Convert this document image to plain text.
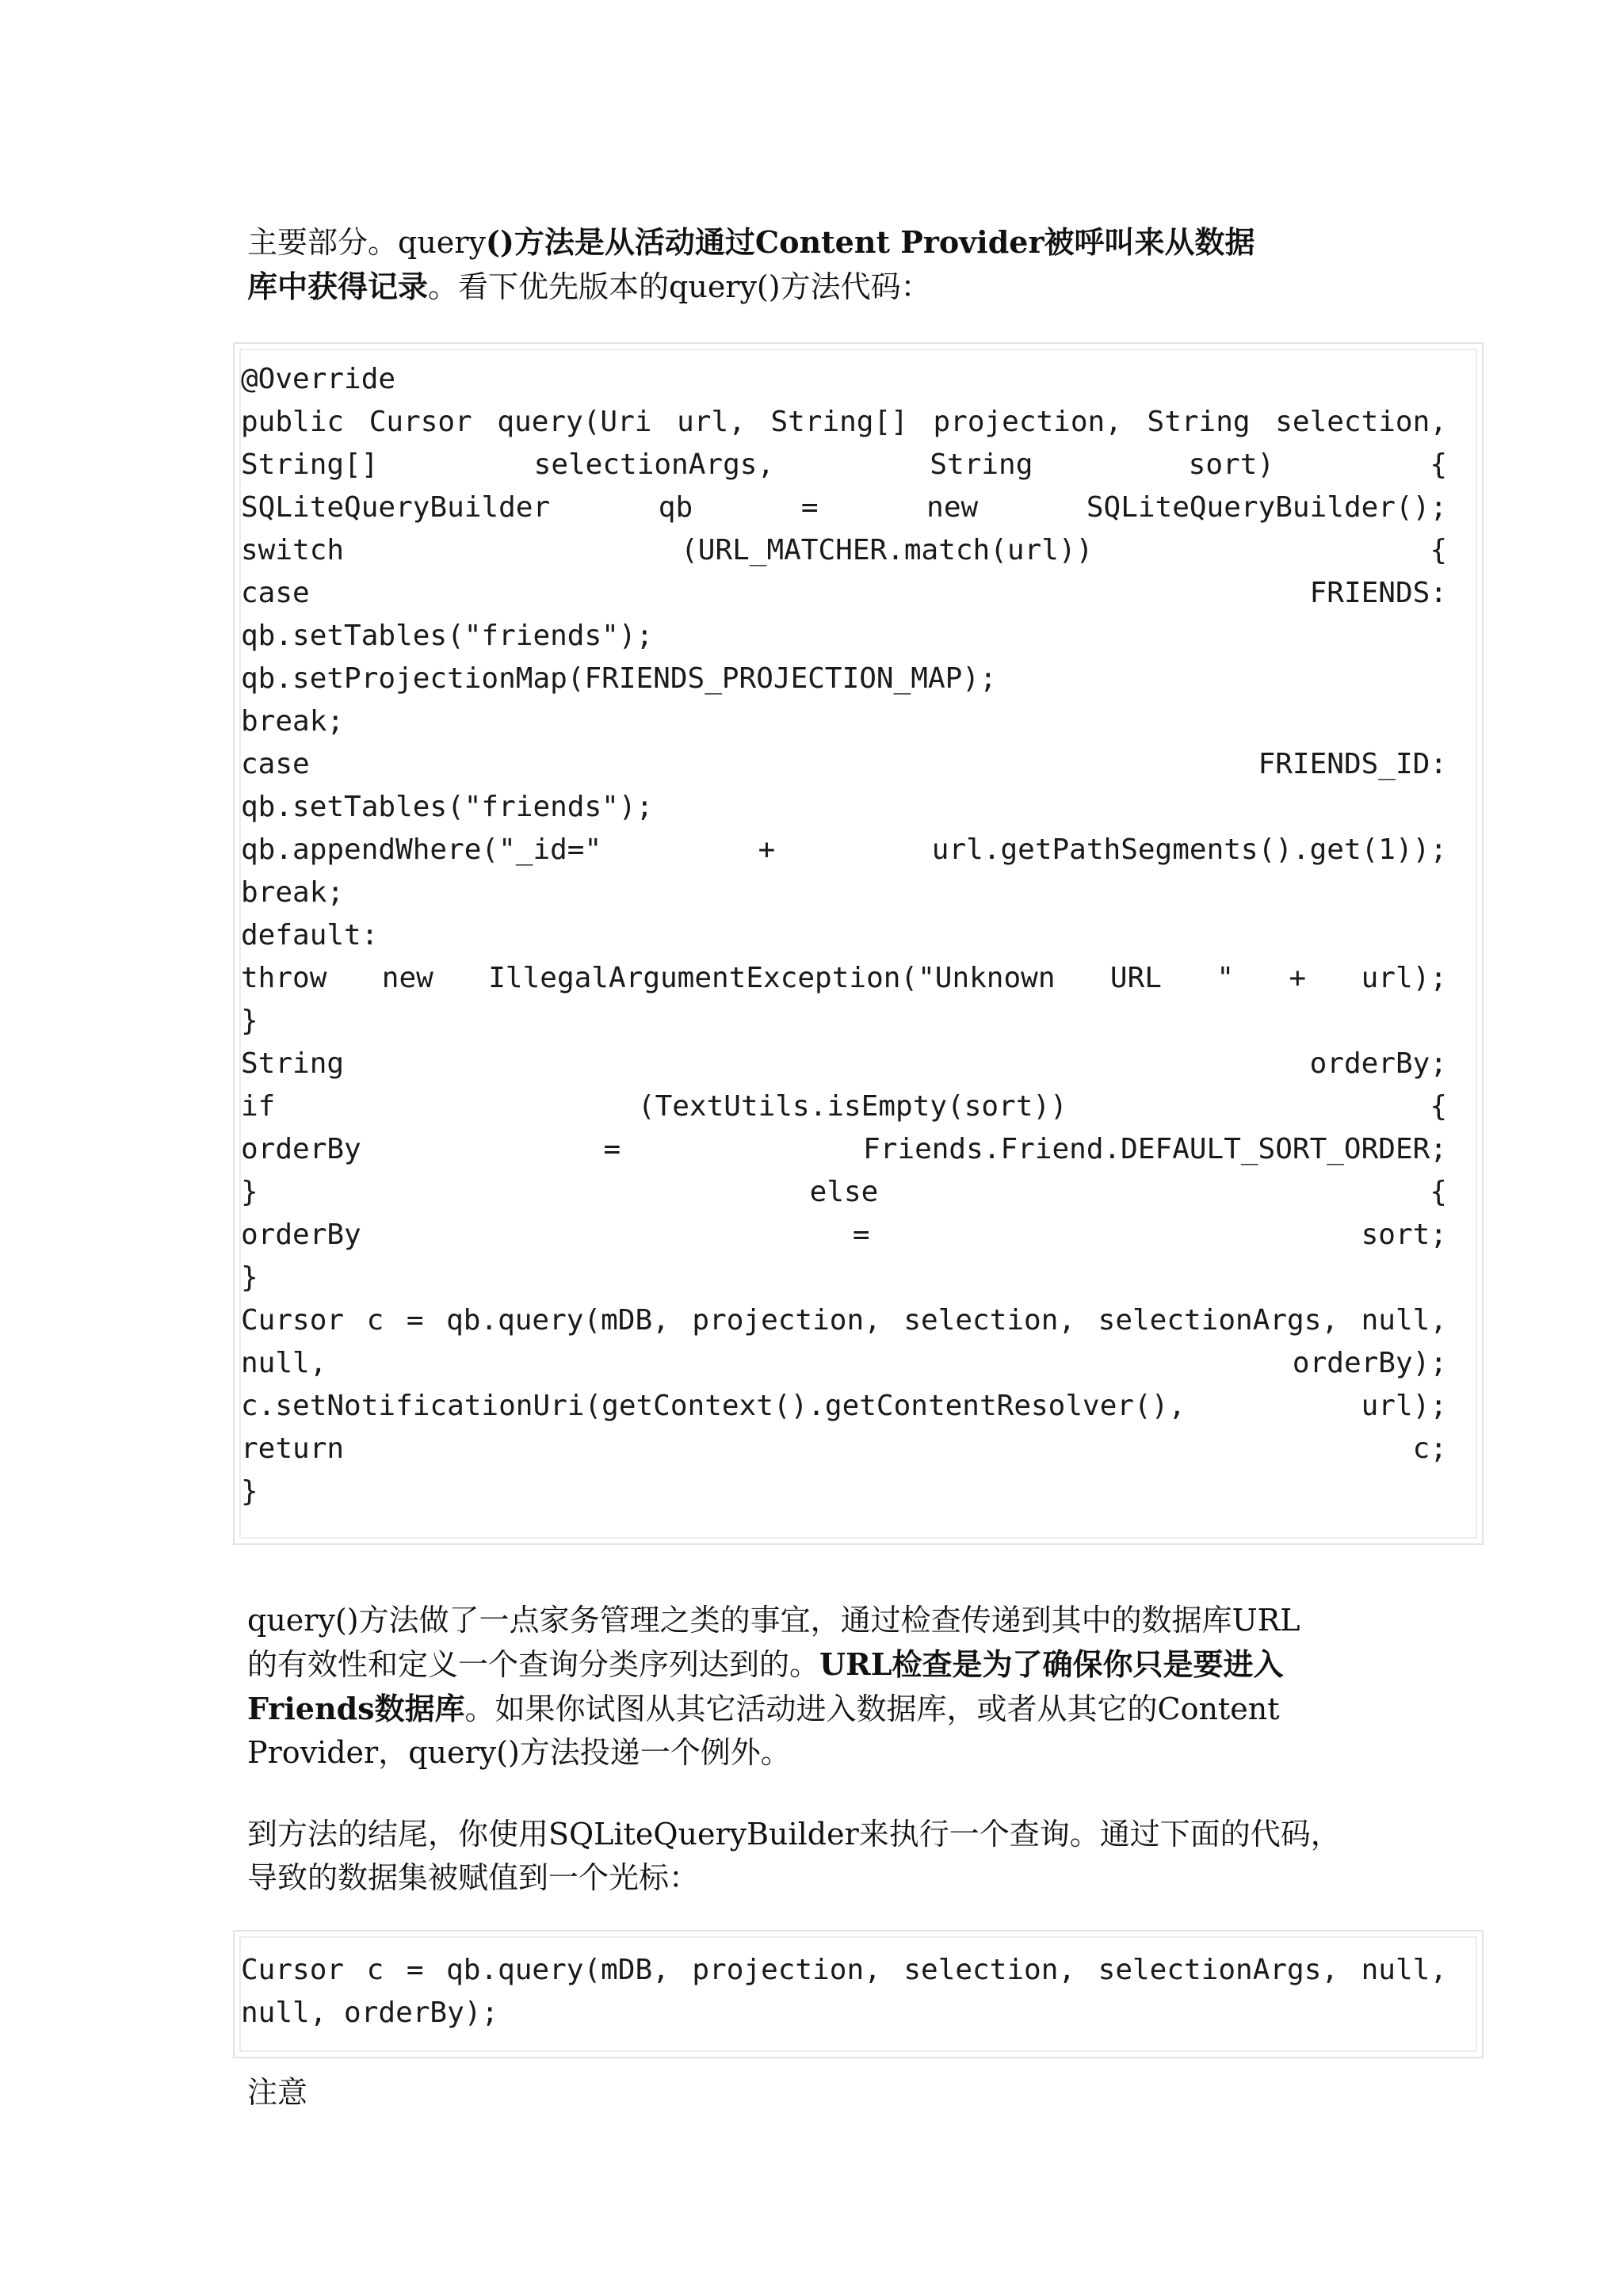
主要部分。query()方法是从活动通过Content Provider被呼叫来从数据
库中获得记录。看下优先版本的query()方法代码：

@Override
public Cursor query(Uri url, String[] projection, String selection,
String[]	selectionArgs,	String	sort)	{
SQLiteQueryBuilder	qb	=	new	SQLiteQueryBuilder();
switch	(URL_MATCHER.match(url))	{
case	FRIENDS:
qb.setTables("friends");
qb.setProjectionMap(FRIENDS_PROJECTION_MAP);
break;
case	FRIENDS_ID:
qb.setTables("friends");
qb.appendWhere("_id="	+	url.getPathSegments().get(1));
break;
default:
throw new IllegalArgumentException("Unknown URL " + url);
}
String	orderBy;
if	(TextUtils.isEmpty(sort))	{
orderBy	=	Friends.Friend.DEFAULT_SORT_ORDER;
}	else	{
orderBy	=	sort;
}
Cursor c = qb.query(mDB, projection, selection, selectionArgs, null,
null,	orderBy);
c.setNotificationUri(getContext().getContentResolver(),	url);
return	c;
}

query()方法做了一点家务管理之类的事宜，通过检查传递到其中的数据库URL
的有效性和定义一个查询分类序列达到的。URL检查是为了确保你只是要进入
Friends数据库。如果你试图从其它活动进入数据库，或者从其它的Content
Provider，query()方法投递一个例外。

到方法的结尾，你使用SQLiteQueryBuilder来执行一个查询。通过下面的代码，
导致的数据集被赋值到一个光标：

Cursor c = qb.query(mDB, projection, selection, selectionArgs, null,
null, orderBy);

注意
